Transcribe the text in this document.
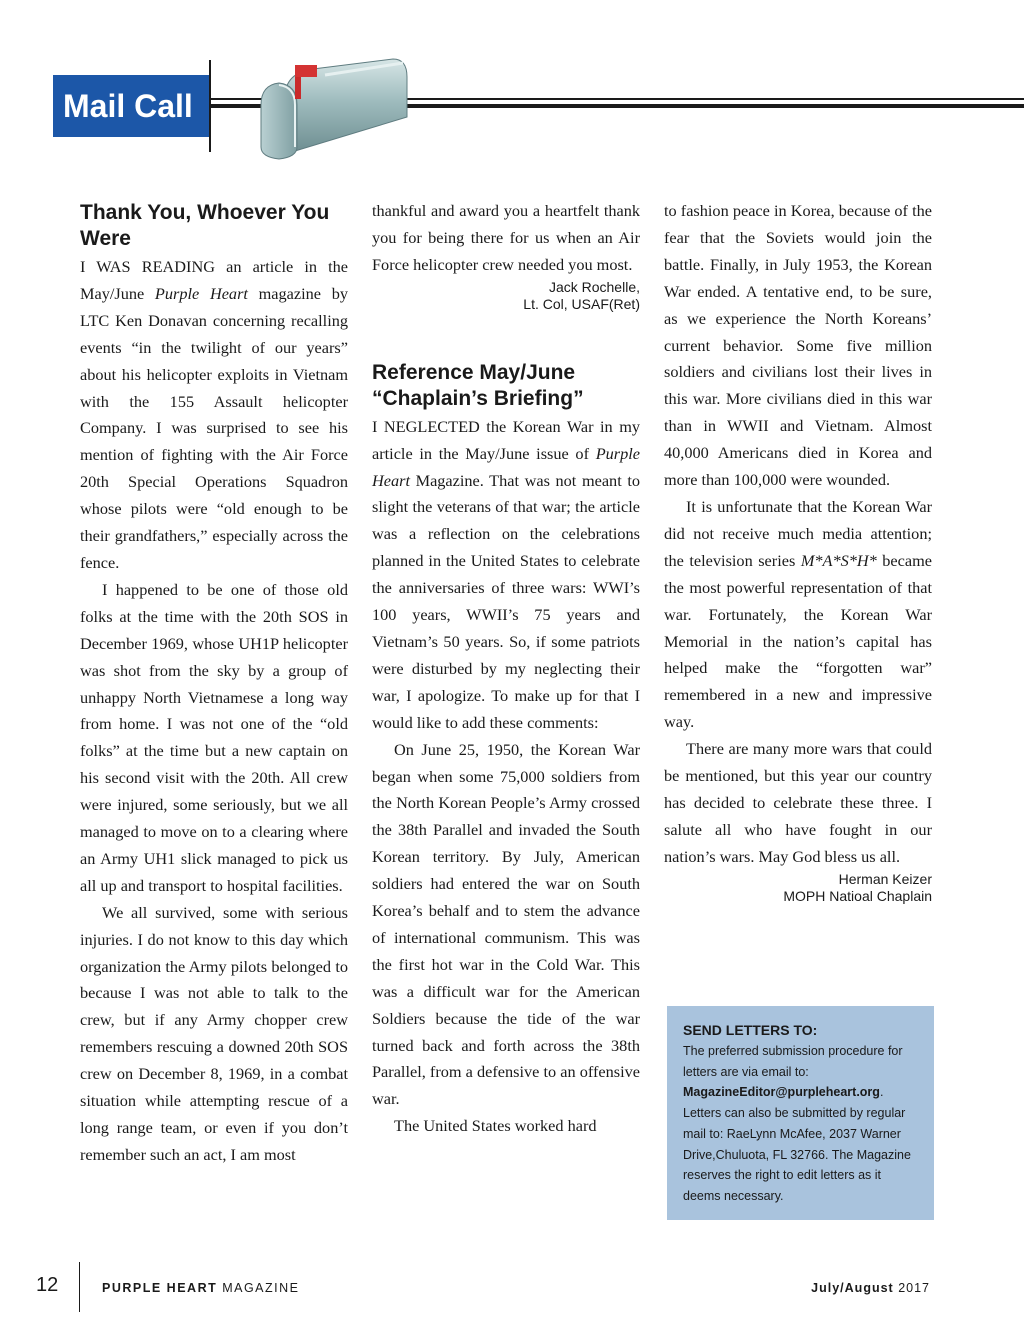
Mail Call
Thank You, Whoever You Were

I WAS READING an article in the May/June Purple Heart magazine by LTC Ken Donavan concerning recalling events “in the twilight of our years” about his helicopter exploits in Vietnam with the 155 Assault helicopter Company. I was surprised to see his mention of fighting with the Air Force 20th Special Operations Squadron whose pilots were “old enough to be their grandfathers,” especially across the fence.

I happened to be one of those old folks at the time with the 20th SOS in December 1969, whose UH1P helicopter was shot from the sky by a group of unhappy North Vietnamese a long way from home. I was not one of the “old folks” at the time but a new captain on his second visit with the 20th. All crew were injured, some seriously, but we all managed to move on to a clearing where an Army UH1 slick managed to pick us all up and transport to hospital facilities.

We all survived, some with serious injuries. I do not know to this day which organization the Army pilots belonged to because I was not able to talk to the crew, but if any Army chopper crew remembers rescuing a downed 20th SOS crew on December 8, 1969, in a combat situation while attempting rescue of a long range team, or even if you don’t remember such an act, I am most

thankful and award you a heartfelt thank you for being there for us when an Air Force helicopter crew needed you most.

Jack Rochelle,
Lt. Col, USAF(Ret)
Reference May/June “Chaplain’s Briefing”

I NEGLECTED the Korean War in my article in the May/June issue of Purple Heart Magazine. That was not meant to slight the veterans of that war; the article was a reflection on the celebrations planned in the United States to celebrate the anniversaries of three wars: WWI’s 100 years, WWII’s 75 years and Vietnam’s 50 years. So, if some patriots were disturbed by my neglecting their war, I apologize. To make up for that I would like to add these comments:

On June 25, 1950, the Korean War began when some 75,000 soldiers from the North Korean People’s Army crossed the 38th Parallel and invaded the South Korean territory. By July, American soldiers had entered the war on South Korea’s behalf and to stem the advance of international communism. This was the first hot war in the Cold War. This was a difficult war for the American Soldiers because the tide of the war turned back and forth across the 38th Parallel, from a defensive to an offensive war.

The United States worked hard

to fashion peace in Korea, because of the fear that the Soviets would join the battle. Finally, in July 1953, the Korean War ended. A tentative end, to be sure, as we experience the North Koreans’ current behavior. Some five million soldiers and civilians lost their lives in this war. More civilians died in this war than in WWII and Vietnam. Almost 40,000 Americans died in Korea and more than 100,000 were wounded.

It is unfortunate that the Korean War did not receive much media attention; the television series M*A*S*H* became the most powerful representation of that war. Fortunately, the Korean War Memorial in the nation’s capital has helped make the “forgotten war” remembered in a new and impressive way.

There are many more wars that could be mentioned, but this year our country has decided to celebrate these three. I salute all who have fought in our nation’s wars. May God bless us all.

Herman Keizer
MOPH Natioal Chaplain
SEND LETTERS TO:
The preferred submission procedure for letters are via email to: MagazineEditor@purpleheart.org. Letters can also be submitted by regular mail to: RaeLynn McAfee, 2037 Warner Drive,Chuluota, FL 32766. The Magazine reserves the right to edit letters as it deems necessary.
12	PURPLE HEART MAGAZINE	July/August 2017
